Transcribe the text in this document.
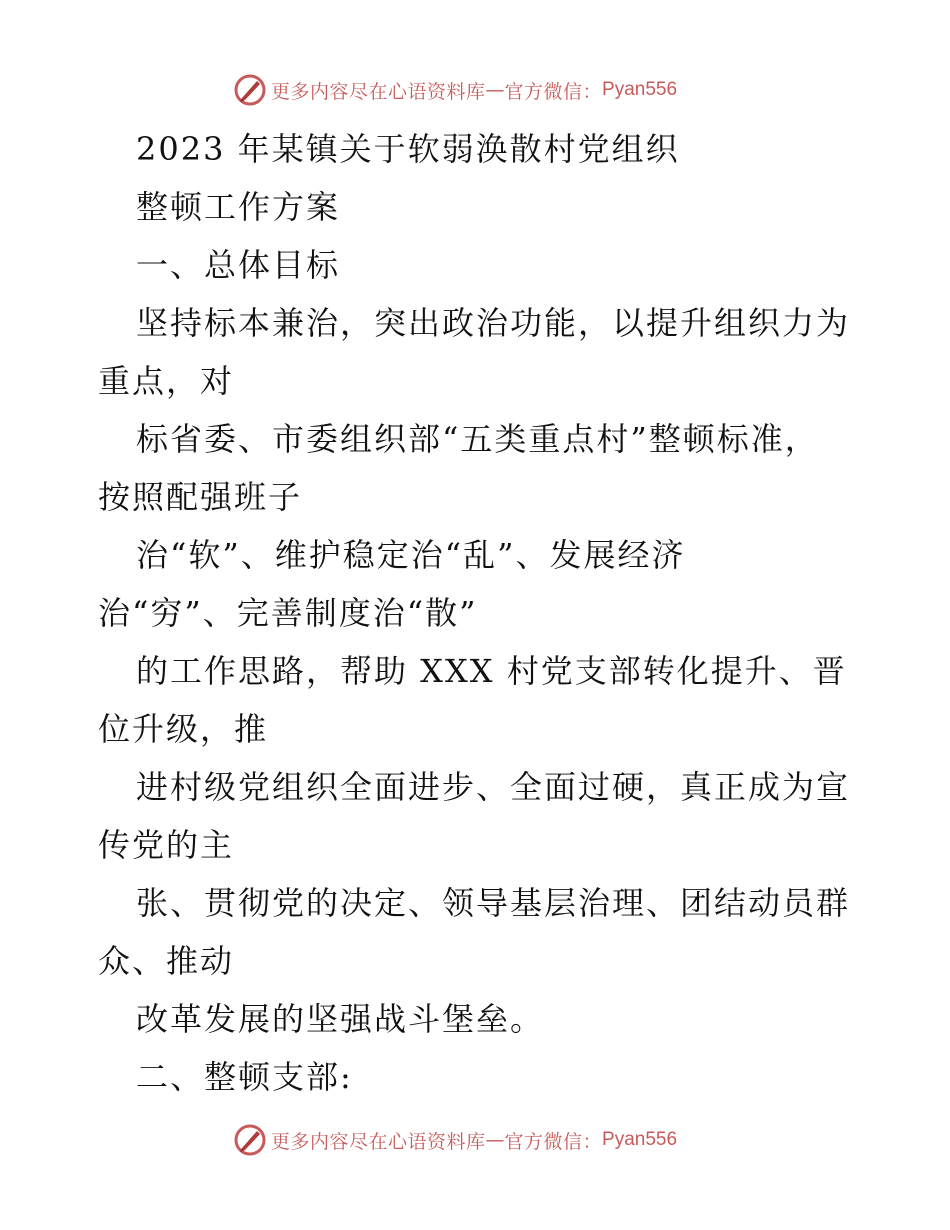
更多内容尽在心语资料库 — 官方微信： Pyan556
2023 年某镇关于软弱涣散村党组织
整顿工作方案
一、总体目标
坚持标本兼治，突出政治功能，以提升组织力为
重点，对
标省委、市委组织部“五类重点村”整顿标准，
按照配强班子
治“软”、维护稳定治“乱”、发展经济
治“穷”、完善制度治“散”
的工作思路，帮助 XXX 村党支部转化提升、晋
位升级，推
进村级党组织全面进步、全面过硬，真正成为宣
传党的主
张、贯彻党的决定、领导基层治理、团结动员群
众、推动
改革发展的坚强战斗堡垒。
二、整顿支部:
更多内容尽在心语资料库 — 官方微信： Pyan556
